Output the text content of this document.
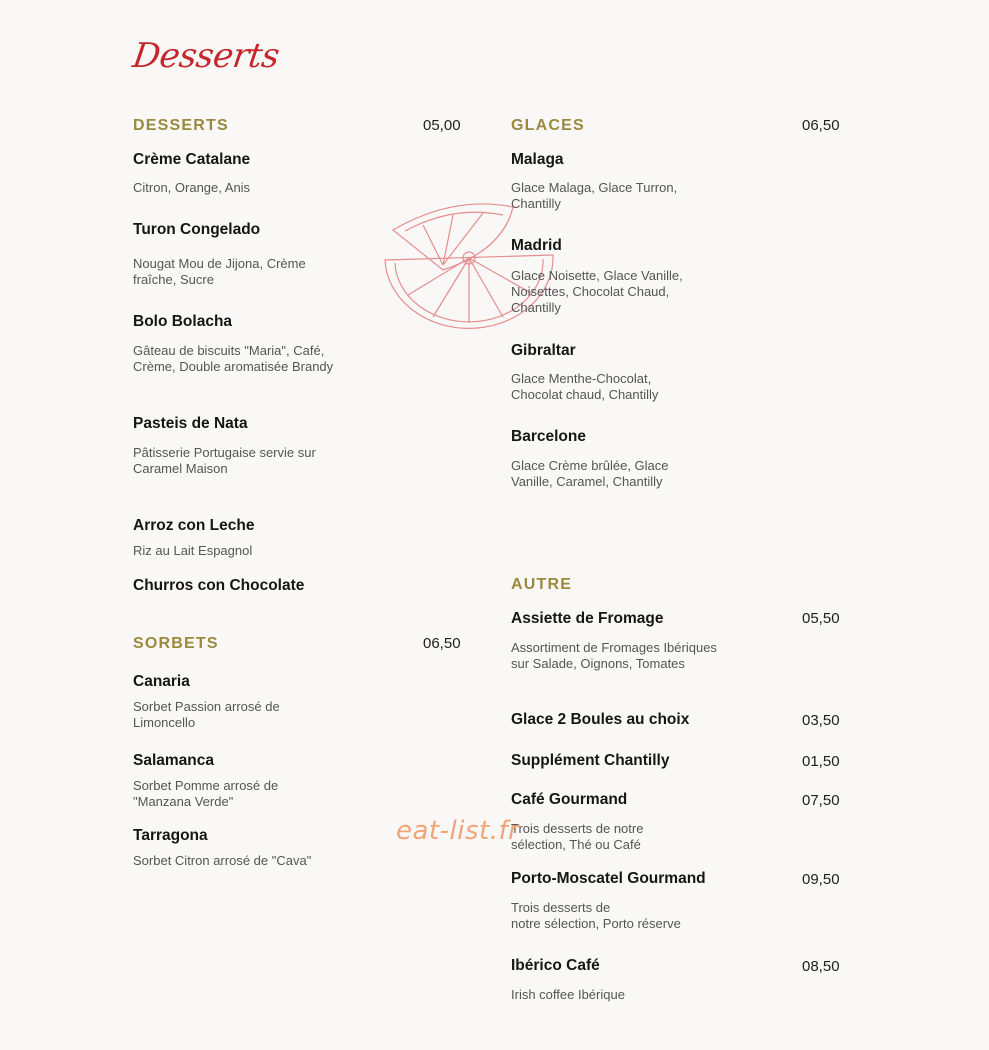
Desserts
DESSERTS	05,00
Crème Catalane
Citron, Orange, Anis
Turon Congelado
Nougat Mou de Jijona, Crème fraîche, Sucre
Bolo Bolacha
Gâteau de biscuits "Maria", Café, Crème, Double aromatisée Brandy
Pasteis de Nata
Pâtisserie Portugaise servie sur Caramel Maison
Arroz con Leche
Riz au Lait Espagnol
Churros con Chocolate
SORBETS	06,50
Canaria
Sorbet Passion arrosé de Limoncello
Salamanca
Sorbet Pomme arrosé de "Manzana Verde"
Tarragona
Sorbet Citron arrosé de "Cava"
GLACES	06,50
Malaga
Glace Malaga, Glace Turron, Chantilly
Madrid
Glace Noisette, Glace Vanille, Noisettes, Chocolat Chaud, Chantilly
Gibraltar
Glace Menthe-Chocolat, Chocolat chaud, Chantilly
Barcelone
Glace Crème brûlée, Glace Vanille, Caramel, Chantilly
AUTRE
Assiette de Fromage	05,50
Assortiment de Fromages Ibériques sur Salade, Oignons, Tomates
Glace 2 Boules au choix	03,50
Supplément Chantilly	01,50
Café Gourmand	07,50
Trois desserts de notre sélection, Thé ou Café
Porto-Moscatel Gourmand	09,50
Trois desserts de
notre sélection, Porto réserve
Ibérico Café	08,50
Irish coffee Ibérique
eat-list.fr
